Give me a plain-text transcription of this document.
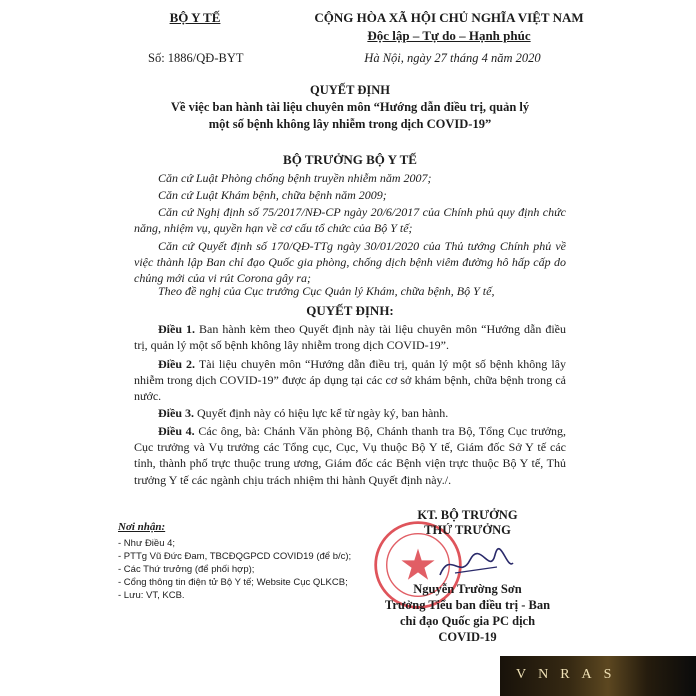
BỘ Y TẾ	CỘNG HÒA XÃ HỘI CHỦ NGHĨA VIỆT NAM
Độc lập – Tự do – Hạnh phúc
Số: 1886/QĐ-BYT	Hà Nội, ngày 27 tháng 4 năm 2020
QUYẾT ĐỊNH
Về việc ban hành tài liệu chuyên môn “Hướng dẫn điều trị, quản lý
một số bệnh không lây nhiễm trong dịch COVID-19”
BỘ TRƯỞNG BỘ Y TẾ
Căn cứ Luật Phòng chống bệnh truyền nhiễm năm 2007;
Căn cứ Luật Khám bệnh, chữa bệnh năm 2009;
Căn cứ Nghị định số 75/2017/NĐ-CP ngày 20/6/2017 của Chính phủ quy định chức năng, nhiệm vụ, quyền hạn về cơ cấu tổ chức của Bộ Y tế;
Căn cứ Quyết định số 170/QĐ-TTg ngày 30/01/2020 của Thủ tướng Chính phủ về việc thành lập Ban chỉ đạo Quốc gia phòng, chống dịch bệnh viêm đường hô hấp cấp do chủng mới của vi rút Corona gây ra;
Theo đề nghị của Cục trưởng Cục Quản lý Khám, chữa bệnh, Bộ Y tế,
QUYẾT ĐỊNH:
Điều 1. Ban hành kèm theo Quyết định này tài liệu chuyên môn “Hướng dẫn điều trị, quản lý một số bệnh không lây nhiễm trong dịch COVID-19”.
Điều 2. Tài liệu chuyên môn “Hướng dẫn điều trị, quản lý một số bệnh không lây nhiễm trong dịch COVID-19” được áp dụng tại các cơ sở khám bệnh, chữa bệnh trong cả nước.
Điều 3. Quyết định này có hiệu lực kể từ ngày ký, ban hành.
Điều 4. Các ông, bà: Chánh Văn phòng Bộ, Chánh thanh tra Bộ, Tổng Cục trưởng, Cục trưởng và Vụ trưởng các Tổng cục, Cục, Vụ thuộc Bộ Y tế, Giám đốc Sở Y tế các tỉnh, thành phố trực thuộc trung ương, Giám đốc các Bệnh viện trực thuộc Bộ Y tế, Thủ trưởng Y tế các ngành chịu trách nhiệm thi hành Quyết định này./.
Nơi nhận:
- Như Điều 4;
- PTTg Vũ Đức Đam, TBCĐQGPCD COVID19 (để b/c);
- Các Thứ trưởng (để phối hợp);
- Cổng thông tin điện tử Bộ Y tế; Website Cục QLKCB;
- Lưu: VT, KCB.
KT. BỘ TRƯỞNG
THỨ TRƯỞNG
Nguyễn Trường Sơn
Trưởng Tiểu ban điều trị - Ban
chỉ đạo Quốc gia PC dịch
COVID-19
VNRAS
